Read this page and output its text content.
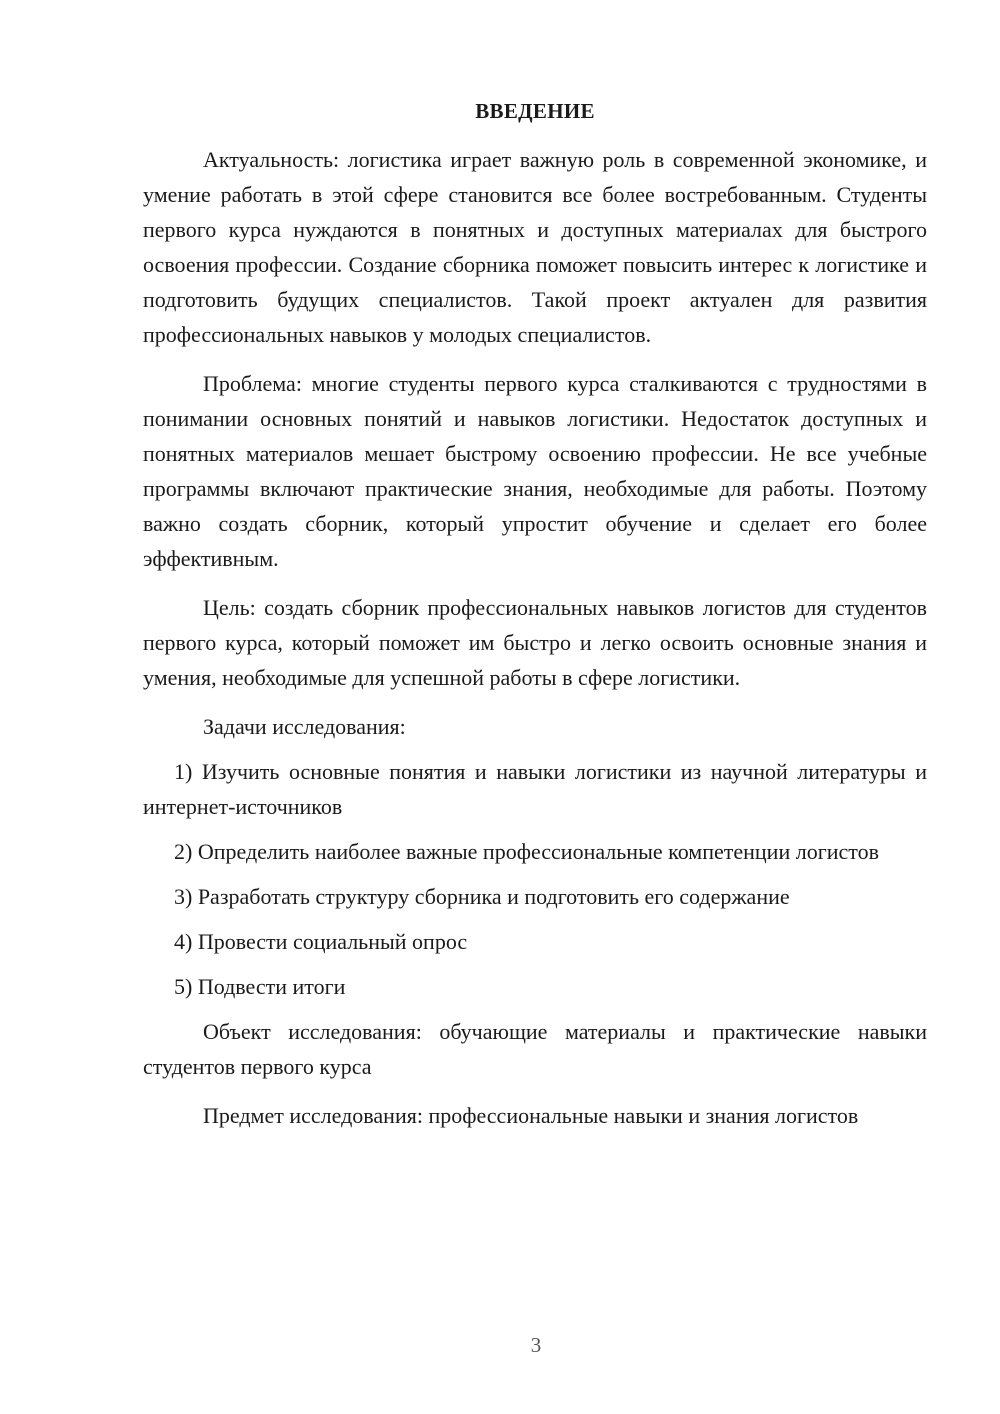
ВВЕДЕНИЕ

Актуальность: логистика играет важную роль в современной экономике, и умение работать в этой сфере становится все более востребованным. Студенты первого курса нуждаются в понятных и доступных материалах для быстрого освоения профессии. Создание сборника поможет повысить интерес к логистике и подготовить будущих специалистов. Такой проект актуален для развития профессиональных навыков у молодых специалистов.

Проблема: многие студенты первого курса сталкиваются с трудностями в понимании основных понятий и навыков логистики. Недостаток доступных и понятных материалов мешает быстрому освоению профессии. Не все учебные программы включают практические знания, необходимые для работы. Поэтому важно создать сборник, который упростит обучение и сделает его более эффективным.

Цель: создать сборник профессиональных навыков логистов для студентов первого курса, который поможет им быстро и легко освоить основные знания и умения, необходимые для успешной работы в сфере логистики.

Задачи исследования:

1) Изучить основные понятия и навыки логистики из научной литературы и интернет-источников

2) Определить наиболее важные профессиональные компетенции логистов

3) Разработать структуру сборника и подготовить его содержание

4) Провести социальный опрос

5) Подвести итоги

Объект исследования: обучающие материалы и практические навыки студентов первого курса

Предмет исследования: профессиональные навыки и знания логистов

3
